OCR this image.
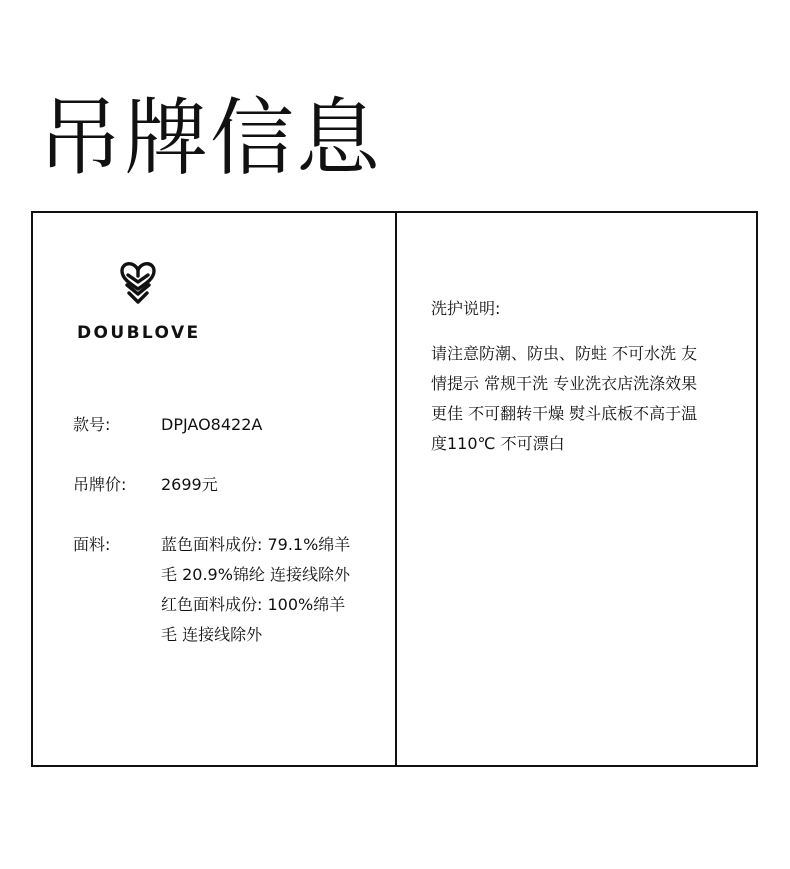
吊牌信息
DOUBLOVE
款号:	DPJAO8422A
吊牌价:	2699元
面料:	蓝色面料成份: 79.1%绵羊
毛 20.9%锦纶 连接线除外
红色面料成份: 100%绵羊
毛 连接线除外
洗护说明:
请注意防潮、防虫、防蛀 不可水洗 友
情提示 常规干洗 专业洗衣店洗涤效果
更佳 不可翻转干燥 熨斗底板不高于温
度110℃ 不可漂白
